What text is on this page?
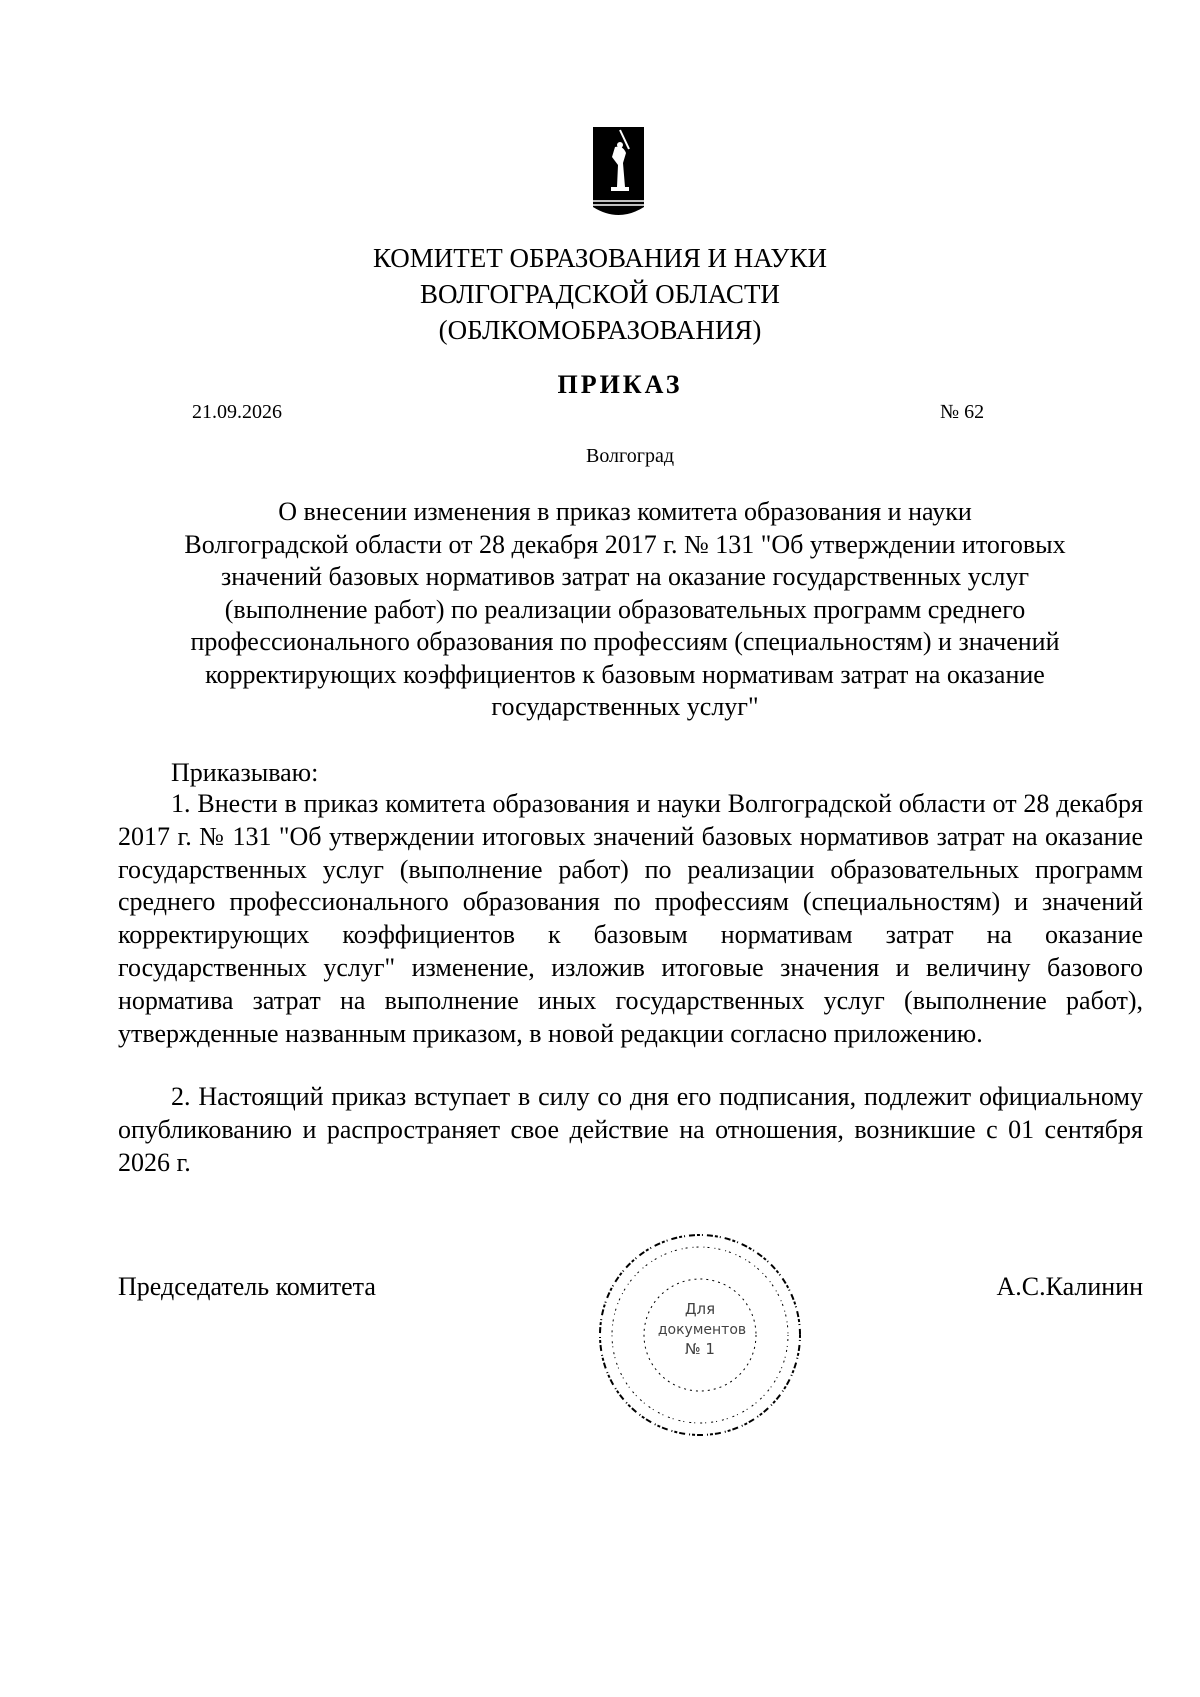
КОМИТЕТ ОБРАЗОВАНИЯ И НАУКИ
ВОЛГОГРАДСКОЙ ОБЛАСТИ
(ОБЛКОМОБРАЗОВАНИЯ)
ПРИКАЗ
21.09.2026	№ 62
Волгоград
О внесении изменения в приказ комитета образования и науки
Волгоградской области от 28 декабря 2017 г. № 131 "Об утверждении итоговых
значений базовых нормативов затрат на оказание государственных услуг
(выполнение работ) по реализации образовательных программ среднего
профессионального образования по профессиям (специальностям) и значений
корректирующих коэффициентов к базовым нормативам затрат на оказание
государственных услуг"
Приказываю:
1. Внести в приказ комитета образования и науки Волгоградской области от 28 декабря 2017 г. № 131 "Об утверждении итоговых значений базовых нормативов затрат на оказание государственных услуг (выполнение работ) по реализации образовательных программ среднего профессионального образования по профессиям (специальностям) и значений корректирующих коэффициентов к базовым нормативам затрат на оказание государственных услуг" изменение, изложив итоговые значения и величину базового норматива затрат на выполнение иных государственных услуг (выполнение работ), утвержденные названным приказом, в новой редакции согласно приложению.
2. Настоящий приказ вступает в силу со дня его подписания, подлежит официальному опубликованию и распространяет свое действие на отношения, возникшие с 01 сентября 2026 г.
Председатель комитета	А.С.Калинин
Для
документов
№ 1
